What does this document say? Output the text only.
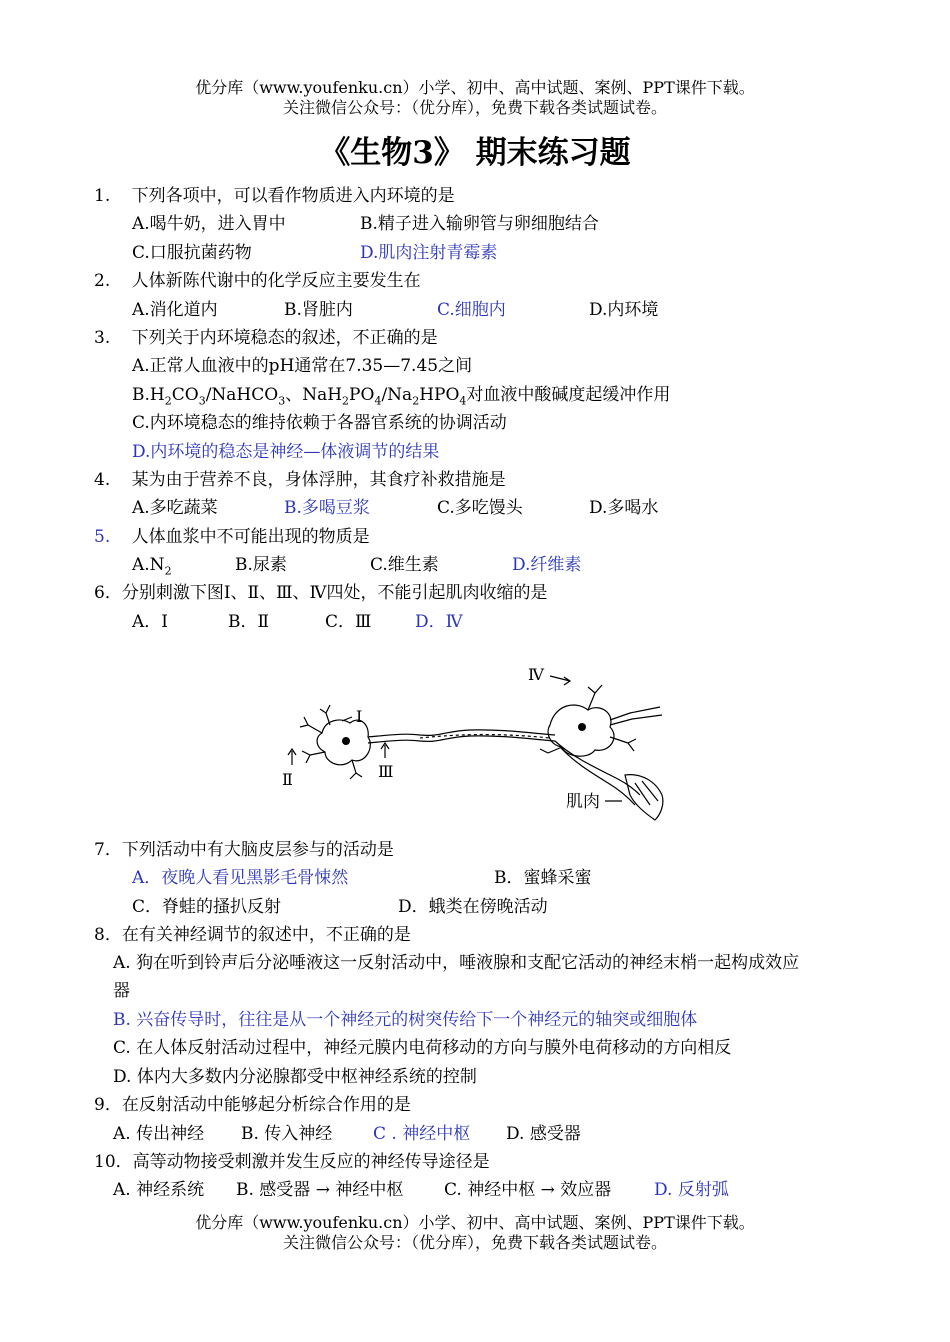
优分库（www.youfenku.cn）小学、初中、高中试题、案例、PPT课件下载。
关注微信公众号：（优分库），免费下载各类试题试卷。
《生物3》 期末练习题
1. 下列各项中，可以看作物质进入内环境的是
A.喝牛奶，进入胃中	B.精子进入输卵管与卵细胞结合
C.口服抗菌药物	D.肌肉注射青霉素
2. 人体新陈代谢中的化学反应主要发生在
A.消化道内	B.肾脏内	C.细胞内	D.内环境
3. 下列关于内环境稳态的叙述，不正确的是
A.正常人血液中的pH通常在7.35—7.45之间
$B.H_2CO_3/NaHCO_3$、$NaH_2PO_4/Na_2HPO_4$对血液中酸碱度起缓冲作用
C.内环境稳态的维持依赖于各器官系统的协调活动
D.内环境的稳态是神经—体液调节的结果
4. 某为由于营养不良，身体浮肿，其食疗补救措施是
A.多吃蔬菜	B.多喝豆浆	C.多吃馒头	D.多喝水
5. 人体血浆中不可能出现的物质是
$A.N_2$	B.尿素	C.维生素	D.纤维素
6．分别刺激下图Ⅰ、Ⅱ、Ⅲ、Ⅳ四处，不能引起肌肉收缩的是
A．Ⅰ	B．Ⅱ	C．Ⅲ	D．Ⅳ
Ⅰ
Ⅱ	Ⅲ
Ⅳ
肌肉
7．下列活动中有大脑皮层参与的活动是
A．夜晚人看见黑影毛骨悚然	B．蜜蜂采蜜
C．脊蛙的搔扒反射	D．蛾类在傍晚活动
8．在有关神经调节的叙述中，不正确的是
A. 狗在听到铃声后分泌唾液这一反射活动中，唾液腺和支配它活动的神经末梢一起构成效应
器
B. 兴奋传导时，往往是从一个神经元的树突传给下一个神经元的轴突或细胞体
C. 在人体反射活动过程中，神经元膜内电荷移动的方向与膜外电荷移动的方向相反
D. 体内大多数内分泌腺都受中枢神经系统的控制
9．在反射活动中能够起分析综合作用的是
A. 传出神经 B. 传入神经 C . 神经中枢 D. 感受器
10．高等动物接受刺激并发生反应的神经传导途径是
A. 神经系统 B. 感受器 → 神经中枢 C. 神经中枢 → 效应器	D. 反射弧
优分库（www.youfenku.cn）小学、初中、高中试题、案例、PPT课件下载。
关注微信公众号：（优分库），免费下载各类试题试卷。
